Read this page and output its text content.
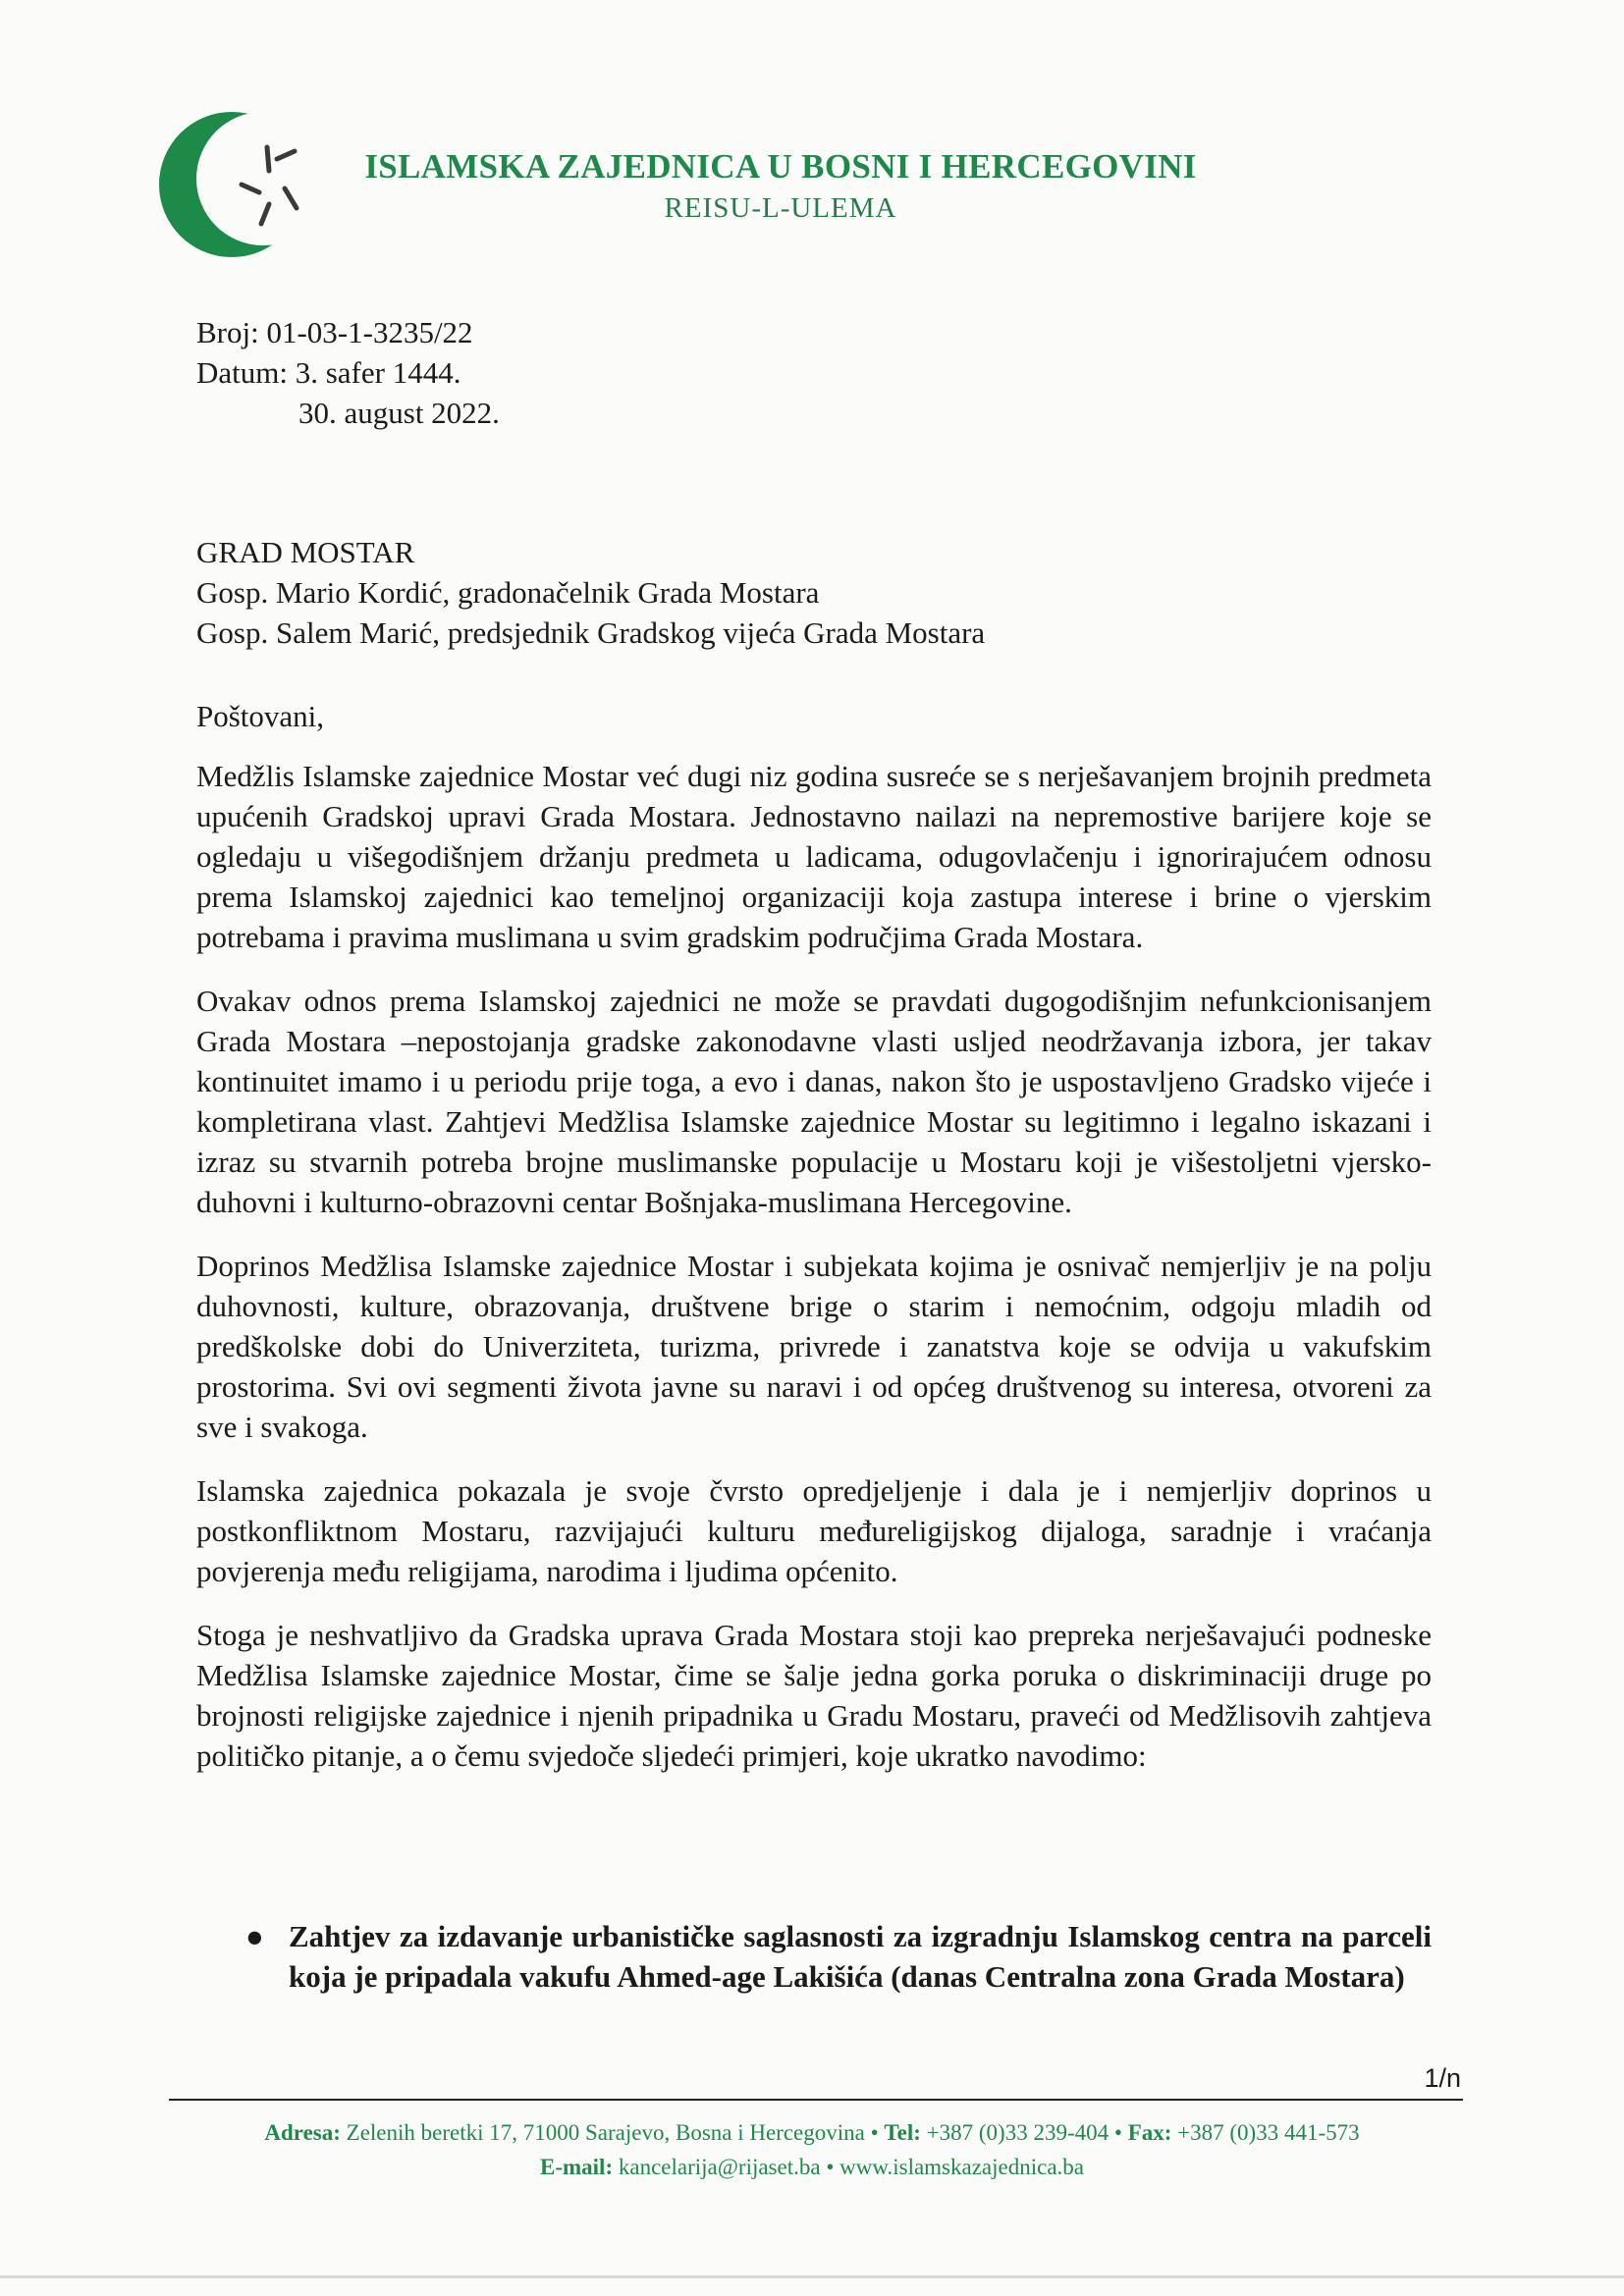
ISLAMSKA ZAJEDNICA U BOSNI I HERCEGOVINI
REISU-L-ULEMA
Broj: 01-03-1-3235/22
Datum: 3. safer 1444.
30. august 2022.
GRAD MOSTAR
Gosp. Mario Kordić, gradonačelnik Grada Mostara
Gosp. Salem Marić, predsjednik Gradskog vijeća Grada Mostara
Poštovani,

Medžlis Islamske zajednice Mostar već dugi niz godina susreće se s nerješavanjem brojnih predmeta upućenih Gradskoj upravi Grada Mostara. Jednostavno nailazi na nepremostive barijere koje se ogledaju u višegodišnjem držanju predmeta u ladicama, odugovlačenju i ignorirajućem odnosu prema Islamskoj zajednici kao temeljnoj organizaciji koja zastupa interese i brine o vjerskim potrebama i pravima muslimana u svim gradskim područjima Grada Mostara.

Ovakav odnos prema Islamskoj zajednici ne može se pravdati dugogodišnjim nefunkcionisanjem Grada Mostara –nepostojanja gradske zakonodavne vlasti usljed neodržavanja izbora, jer takav kontinuitet imamo i u periodu prije toga, a evo i danas, nakon što je uspostavljeno Gradsko vijeće i kompletirana vlast. Zahtjevi Medžlisa Islamske zajednice Mostar su legitimno i legalno iskazani i izraz su stvarnih potreba brojne muslimanske populacije u Mostaru koji je višestoljetni vjersko-duhovni i kulturno-obrazovni centar Bošnjaka-muslimana Hercegovine.

Doprinos Medžlisa Islamske zajednice Mostar i subjekata kojima je osnivač nemjerljiv je na polju duhovnosti, kulture, obrazovanja, društvene brige o starim i nemoćnim, odgoju mladih od predškolske dobi do Univerziteta, turizma, privrede i zanatstva koje se odvija u vakufskim prostorima. Svi ovi segmenti života javne su naravi i od općeg društvenog su interesa, otvoreni za sve i svakoga.

Islamska zajednica pokazala je svoje čvrsto opredjeljenje i dala je i nemjerljiv doprinos u postkonfliktnom Mostaru, razvijajući kulturu međureligijskog dijaloga, saradnje i vraćanja povjerenja među religijama, narodima i ljudima općenito.

Stoga je neshvatljivo da Gradska uprava Grada Mostara stoji kao prepreka nerješavajući podneske Medžlisa Islamske zajednice Mostar, čime se šalje jedna gorka poruka o diskriminaciji druge po brojnosti religijske zajednice i njenih pripadnika u Gradu Mostaru, praveći od Medžlisovih zahtjeva političko pitanje, a o čemu svjedoče sljedeći primjeri, koje ukratko navodimo:

● Zahtjev za izdavanje urbanističke saglasnosti za izgradnju Islamskog centra na parceli koja je pripadala vakufu Ahmed-age Lakišića (danas Centralna zona Grada Mostara)
1/n
Adresa: Zelenih beretki 17, 71000 Sarajevo, Bosna i Hercegovina • Tel: +387 (0)33 239-404 • Fax: +387 (0)33 441-573
E-mail: kancelarija@rijaset.ba • www.islamskazajednica.ba
